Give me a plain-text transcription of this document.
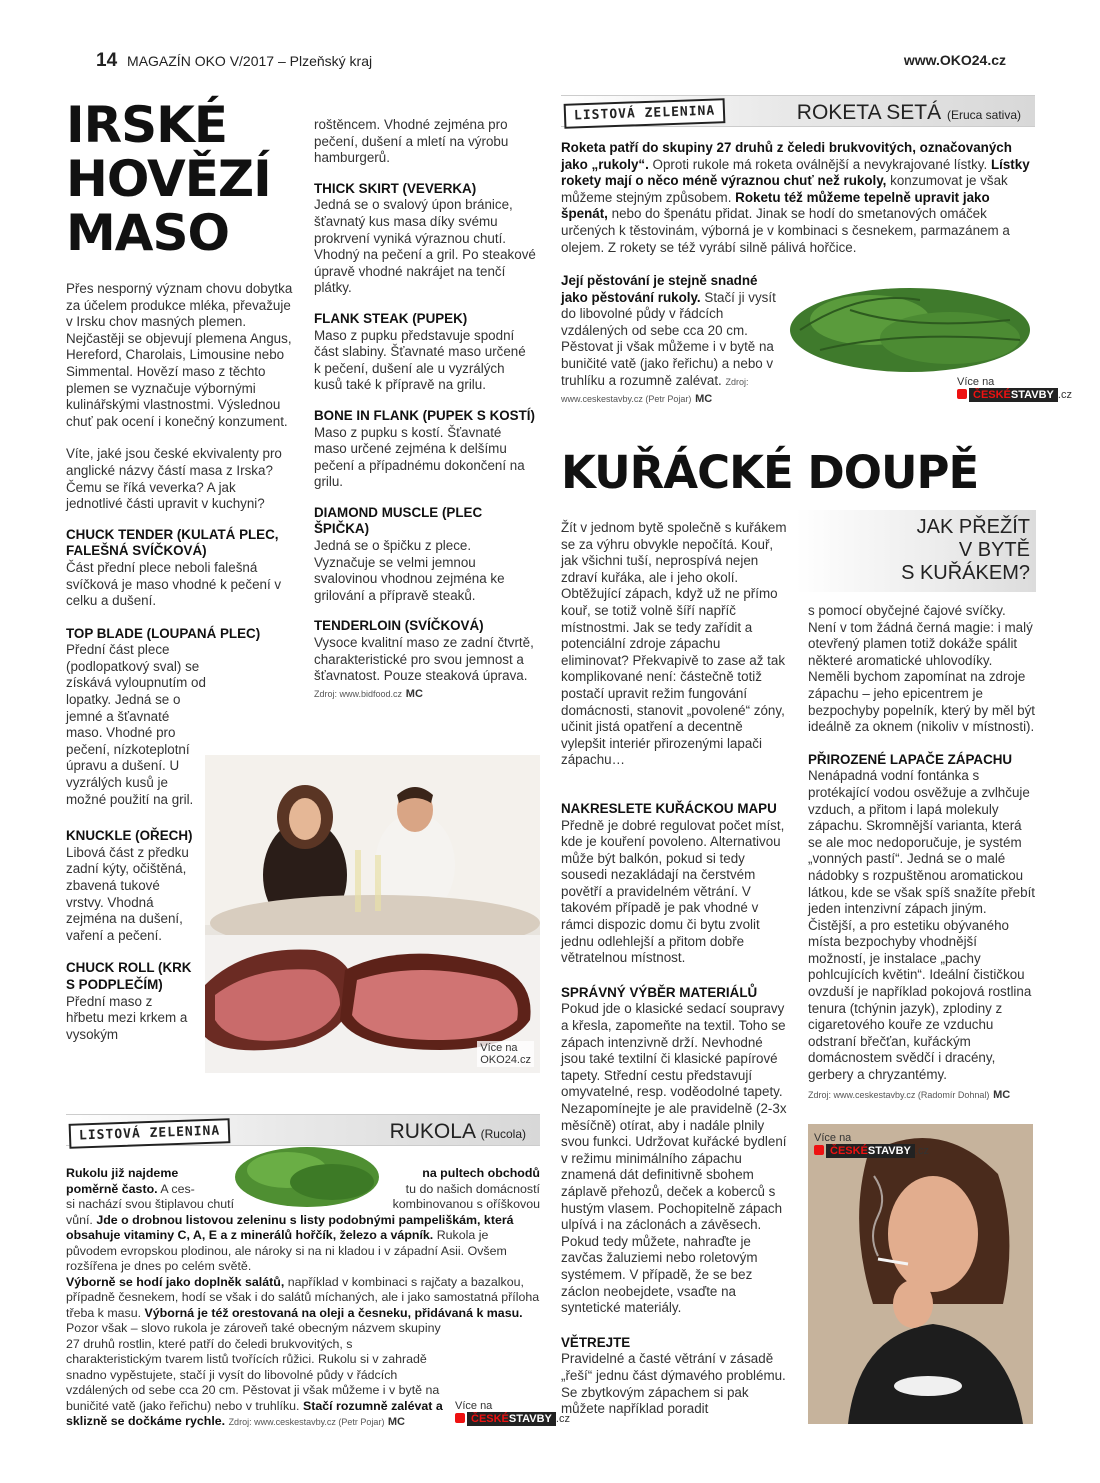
14 MAGAZÍN OKO V/2017 – Plzeňský kraj	www.OKO24.cz
IRSKÉ
HOVĚZÍ
MASO

Přes nesporný význam chovu dobytka za účelem produkce mléka, převažuje v Irsku chov masných plemen. Nejčastěji se objevují plemena Angus, Hereford, Charolais, Limousine nebo Simmental. Hovězí maso z těchto plemen se vyznačuje výbornými kulinářskými vlastnostmi. Výslednou chuť pak ocení i konečný konzument.

Víte, jaké jsou české ekvivalenty pro anglické názvy částí masa z Irska? Čemu se říká veverka? A jak jednotlivé části upravit v kuchyni?

CHUCK TENDER (KULATÁ PLEC, FALEŠNÁ SVÍČKOVÁ)

Část přední plece neboli falešná svíčková je maso vhodné k pečení v celku a dušení.

TOP BLADE (LOUPANÁ PLEC)

Přední část plece (podlopatkový sval) se získává vyloupnutím od lopatky. Jedná se o jemné a šťavnaté maso. Vhodné pro pečení, nízkoteplotní úpravu a dušení. U vyzrálých kusů je možné použití na gril.

KNUCKLE (OŘECH)

Libová část z předku zadní kýty, očištěná, zbavená tukové vrstvy. Vhodná zejména na dušení, vaření a pečení.

CHUCK ROLL (KRK S PODPLEČÍM)

Přední maso z hřbetu mezi krkem a vysokým

roštěncem. Vhodné zejména pro pečení, dušení a mletí na výrobu hamburgerů.

THICK SKIRT (VEVERKA)

Jedná se o svalový úpon bránice, šťavnatý kus masa díky svému prokrvení vyniká výraznou chutí. Vhodný na pečení a gril. Po steakové úpravě vhodné nakrájet na tenčí plátky.

FLANK STEAK (PUPEK)

Maso z pupku představuje spodní část slabiny. Šťavnaté maso určené k pečení, dušení ale u vyzrálých kusů také k přípravě na grilu.

BONE IN FLANK (PUPEK S KOSTÍ)

Maso z pupku s kostí. Šťavnaté maso určené zejména k delšímu pečení a případnému dokončení na grilu.

DIAMOND MUSCLE (PLEC ŠPIČKA)

Jedná se o špičku z plece. Vyznačuje se velmi jemnou svalovinou vhodnou zejména ke grilování a přípravě steaků.

TENDERLOIN (SVÍČKOVÁ)
Vysoce kvalitní maso ze zadní čtvrtě, charakteristické pro svou jemnost a šťavnatost. Pouze steaková úprava. Zdroj: www.bidfood.cz MC
Více na
OKO24.cz
ROKETA SETÁ (Eruca sativa)
LISTOVÁ ZELENINA
Roketa patří do skupiny 27 druhů z čeledi brukvovitých, označovaných jako „rukoly“. Oproti rukole má roketa oválnější a nevykrajované lístky. Lístky rokety mají o něco méně výraznou chuť než rukoly, konzumovat je však můžeme stejným způsobem. Roketu též můžeme tepelně upravit jako špenát, nebo do špenátu přidat. Jinak se hodí do smetanových omáček určených k těstovinám, výborná je v kombinaci s česnekem, parmazánem a olejem. Z rokety se též vyrábí silně pálivá hořčice.
Její pěstování je stejně snadné jako pěstování rukoly. Stačí ji vysít do libovolné půdy v řádcích vzdálených od sebe cca 20 cm. Pěstovat ji však můžeme i v bytě na buničité vatě (jako řeřichu) a nebo v truhlíku a rozumně zalévat. Zdroj: www.ceskestavby.cz (Petr Pojar) MC
Více na
ČESKÉSTAVBY .cz
KUŘÁCKÉ DOUPĚ
JAK PŘEŽÍT
V BYTĚ
S KUŘÁKEM?

Žít v jednom bytě společně s kuřákem se za výhru obvykle nepočítá. Kouř, jak všichni tuší, neprospívá nejen zdraví kuřáka, ale i jeho okolí. Obtěžující zápach, když už ne přímo kouř, se totiž volně šíří napříč místnostmi. Jak se tedy zařídit a potenciální zdroje zápachu eliminovat? Překvapivě to zase až tak komplikované není: částečně totiž postačí upravit režim fungování domácnosti, stanovit „povolené“ zóny, učinit jistá opatření a decentně vylepšit interiér přirozenými lapači zápachu…

NAKRESLETE KUŘÁCKOU MAPU

Předně je dobré regulovat počet míst, kde je kouření povoleno. Alternativou může být balkón, pokud si tedy sousedi nezakládají na čerstvém povětří a pravidelném větrání. V takovém případě je pak vhodné v rámci dispozic domu či bytu zvolit jednu odlehlejší a přitom dobře větratelnou místnost.

SPRÁVNÝ VÝBĚR MATERIÁLŮ

Pokud jde o klasické sedací soupravy a křesla, zapomeňte na textil. Toho se zápach intenzivně drží. Nevhodné jsou také textilní či klasické papírové tapety. Střední cestu představují omyvatelné, resp. voděodolné tapety. Nezapomínejte je ale pravidelně (2-3x měsíčně) otírat, aby i nadále plnily svou funkci. Udržovat kuřácké bydlení v režimu minimálního zápachu znamená dát definitivně sbohem záplavě přehozů, deček a koberců s hustým vlasem. Pochopitelně zápach ulpívá i na záclonách a závěsech. Pokud tedy můžete, nahraďte je zavčas žaluziemi nebo roletovým systémem. V případě, že se bez záclon neobejdete, vsaďte na syntetické materiály.

VĚTREJTE

Pravidelné a časté větrání v zásadě „řeší“ jednu část dýmavého problému. Se zbytkovým zápachem si pak můžete například poradit

s pomocí obyčejné čajové svíčky. Není v tom žádná černá magie: i malý otevřený plamen totiž dokáže spálit některé aromatické uhlovodíky. Neměli bychom zapomínat na zdroje zápachu – jeho epicentrem je bezpochyby popelník, který by měl být ideálně za oknem (nikoliv v místnosti).

PŘIROZENÉ LAPAČE ZÁPACHU
Nenápadná vodní fontánka s protékající vodou osvěžuje a zvlhčuje vzduch, a přitom i lapá molekuly zápachu. Skromnější varianta, která se ale moc nedoporučuje, je systém „vonných pastí“. Jedná se o malé nádobky s rozpuštěnou aromatickou látkou, kde se však spíš snažíte přebít jeden intenzivní zápach jiným. Čistější, a pro estetiku obývaného místa bezpochyby vhodnější možností, je instalace „pachy pohlcujících květin“. Ideální čističkou ovzduší je například pokojová rostlina tenura (tchýnin jazyk), zplodiny z cigaretového kouře ze vzduchu odstraní břečťan, kuřáckým domácnostem svědčí i dracény, gerbery a chryzantémy.
Zdroj: www.ceskestavby.cz (Radomír Dohnal) MC
Více na
ČESKÉSTAVBY .cz
RUKOLA (Rucola)
LISTOVÁ ZELENINA
Rukolu již najdeme	na pultech obchodů
poměrně často. A ces-	tu do našich domácností
si nachází svou štiplavou chutí	kombinovanou s oříškovou
vůní. Jde o drobnou listovou zeleninu s listy podobnými pampeliškám, která obsahuje vitaminy C, A, E a z minerálů hořčík, železo a vápník. Rukola je původem evropskou plodinou, ale nároky si na ni kladou i v západní Asii. Ovšem rozšířena je dnes po celém světě.
Výborně se hodí jako doplněk salátů, například v kombinaci s rajčaty a bazalkou, případně česnekem, hodí se však i do salátů míchaných, ale i jako samostatná příloha třeba k masu. Výborná je též orestovaná na oleji a česneku, přidávaná k masu.
Pozor však – slovo rukola je zároveň také obecným názvem skupiny 27 druhů rostlin, které patří do čeledi brukvovitých, s charakteristickým tvarem listů tvořících růžici. Rukolu si v zahradě snadno vypěstujete, stačí ji vysít do libovolné půdy v řádcích vzdálených od sebe cca 20 cm. Pěstovat ji však můžeme i v bytě na buničité vatě (jako řeřichu) nebo v truhlíku. Stačí rozumně zalévat a sklizně se dočkáme rychle. Zdroj: www.ceskestavby.cz (Petr Pojar) MC
Více na
ČESKÉSTAVBY .cz
